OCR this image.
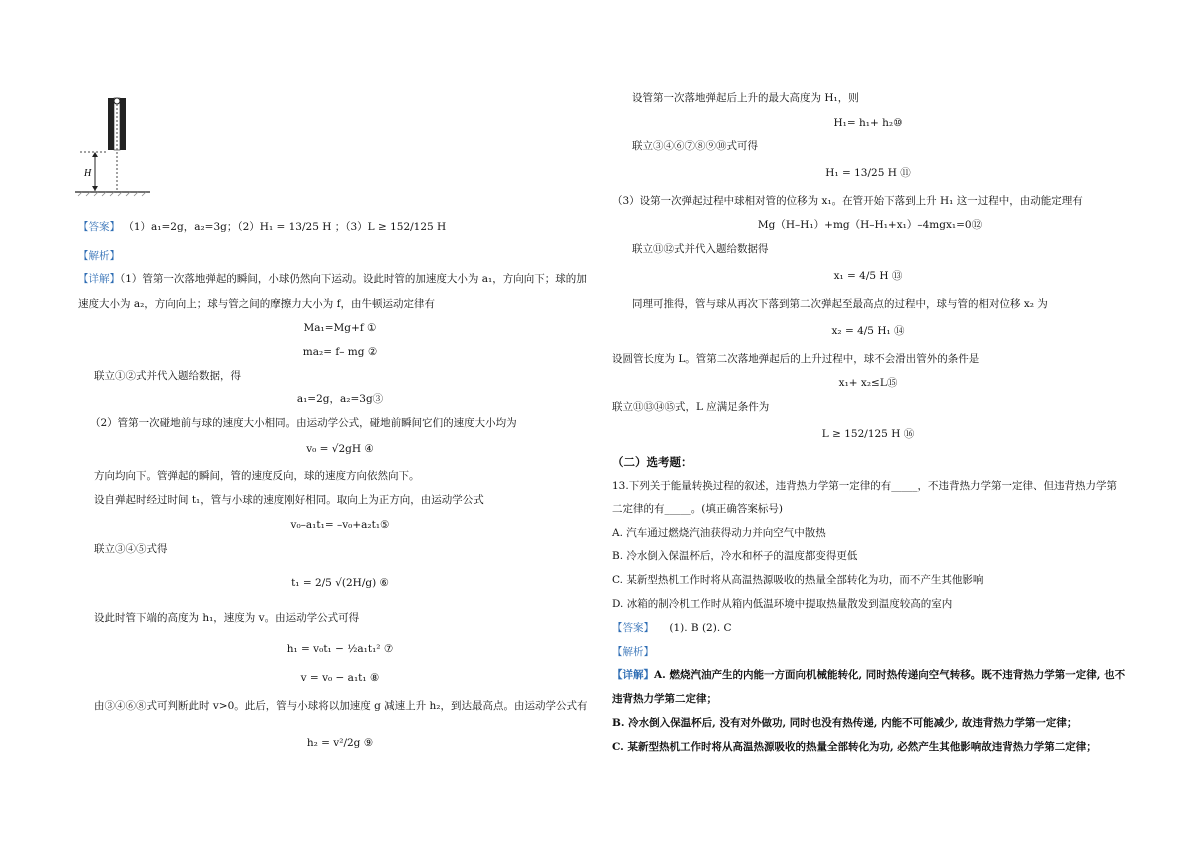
H
【答案】 （1）a₁=2g，a₂=3g；（2）H₁ = 13/25 H ；（3）L ≥ 152/125 H
【解析】
【详解】（1）管第一次落地弹起的瞬间，小球仍然向下运动。设此时管的加速度大小为 a₁，方向向下；球的加
速度大小为 a₂，方向向上；球与管之间的摩擦力大小为 f，由牛顿运动定律有
Ma₁=Mg+f ①
ma₂= f– mg ②
联立①②式并代入题给数据，得
a₁=2g，a₂=3g③
（2）管第一次碰地前与球的速度大小相同。由运动学公式，碰地前瞬间它们的速度大小均为
v₀ = √2gH ④
方向均向下。管弹起的瞬间，管的速度反向，球的速度方向依然向下。
设自弹起时经过时间 t₁，管与小球的速度刚好相同。取向上为正方向，由运动学公式
v₀–a₁t₁= –v₀+a₂t₁⑤
联立③④⑤式得
t₁ = 2/5 √(2H/g) ⑥
设此时管下端的高度为 h₁，速度为 v。由运动学公式可得
h₁ = v₀t₁ − ½a₁t₁² ⑦
v = v₀ − a₁t₁ ⑧
由③④⑥⑧式可判断此时 v>0。此后，管与小球将以加速度 g 减速上升 h₂，到达最高点。由运动学公式有
h₂ = v²/2g ⑨
设管第一次落地弹起后上升的最大高度为 H₁，则
H₁= h₁+ h₂⑩
联立③④⑥⑦⑧⑨⑩式可得
H₁ = 13/25 H ⑪
（3）设第一次弹起过程中球相对管的位移为 x₁。在管开始下落到上升 H₁ 这一过程中，由动能定理有
Mg（H–H₁）+mg（H–H₁+x₁）–4mgx₁=0⑫
联立⑪⑫式并代入题给数据得
x₁ = 4/5 H ⑬
同理可推得，管与球从再次下落到第二次弹起至最高点的过程中，球与管的相对位移 x₂ 为
x₂ = 4/5 H₁ ⑭
设圆管长度为 L。管第二次落地弹起后的上升过程中，球不会滑出管外的条件是
x₁+ x₂≤L⑮
联立⑪⑬⑭⑮式，L 应满足条件为
L ≥ 152/125 H ⑯
（二）选考题：
13.下列关于能量转换过程的叙述，违背热力学第一定律的有_____，不违背热力学第一定律、但违背热力学第
二定律的有_____。(填正确答案标号)
A. 汽车通过燃烧汽油获得动力并向空气中散热
B. 冷水倒入保温杯后，冷水和杯子的温度都变得更低
C. 某新型热机工作时将从高温热源吸收的热量全部转化为功，而不产生其他影响
D. 冰箱的制冷机工作时从箱内低温环境中提取热量散发到温度较高的室内
【答案】 (1). B (2). C
【解析】
【详解】A. 燃烧汽油产生的内能一方面向机械能转化, 同时热传递向空气转移。既不违背热力学第一定律, 也不
违背热力学第二定律；
B. 冷水倒入保温杯后, 没有对外做功, 同时也没有热传递, 内能不可能减少, 故违背热力学第一定律；
C. 某新型热机工作时将从高温热源吸收的热量全部转化为功, 必然产生其他影响故违背热力学第二定律；
